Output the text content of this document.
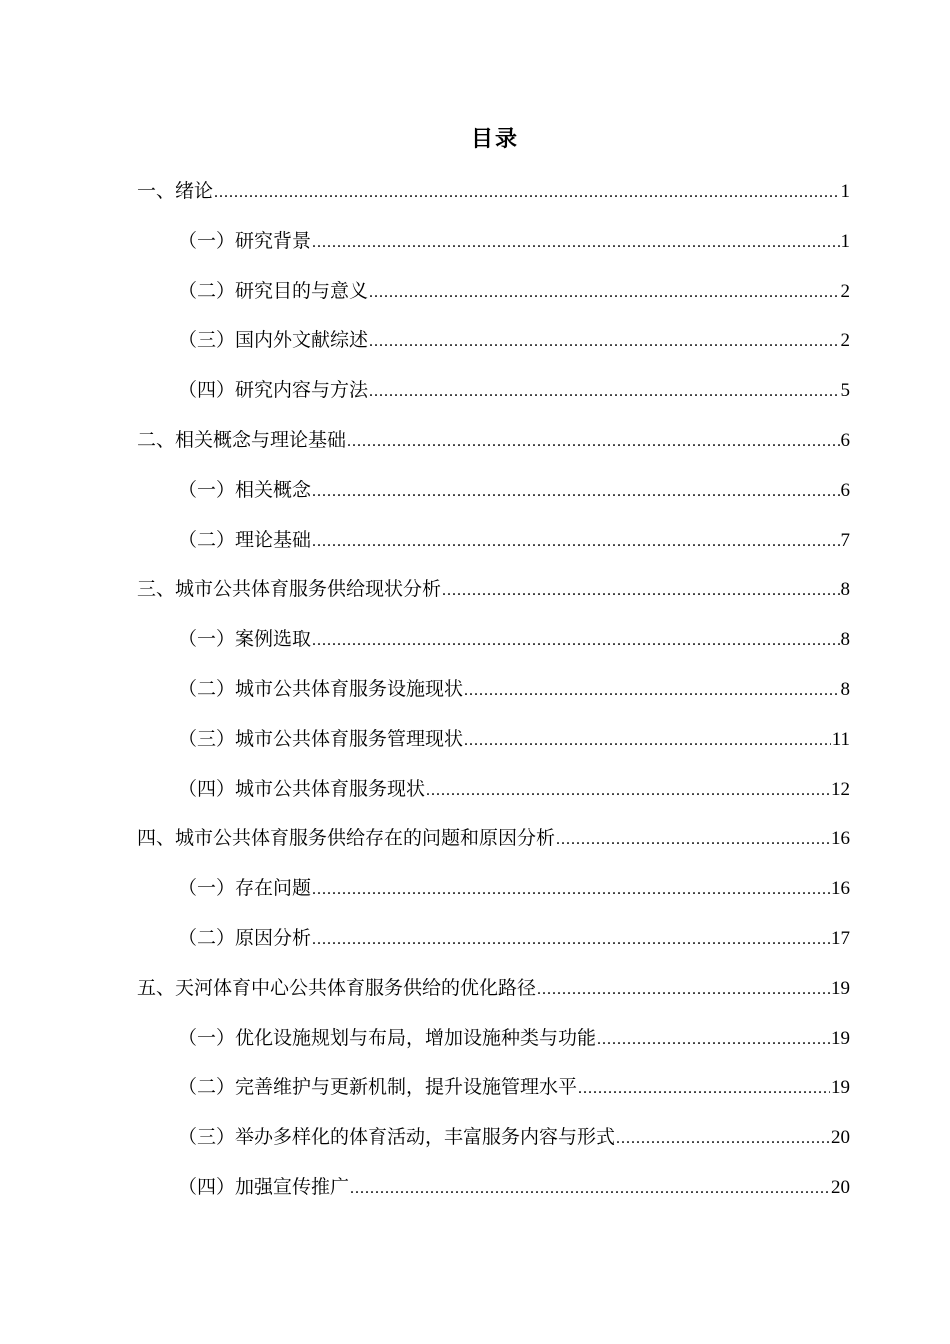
目录
一、绪论 .....	1
（一）研究背景 .....	1
（二）研究目的与意义 .....	2
（三）国内外文献综述 .....	2
（四）研究内容与方法 .....	5
二、相关概念与理论基础 .....	6
（一）相关概念 .....	6
（二）理论基础 .....	7
三、城市公共体育服务供给现状分析 .....	8
（一）案例选取 .....	8
（二）城市公共体育服务设施现状 .....	8
（三）城市公共体育服务管理现状 .....	11
（四）城市公共体育服务现状 .....	12
四、城市公共体育服务供给存在的问题和原因分析 .....	16
（一）存在问题 .....	16
（二）原因分析 .....	17
五、天河体育中心公共体育服务供给的优化路径 .....	19
（一）优化设施规划与布局，增加设施种类与功能 .....	19
（二）完善维护与更新机制，提升设施管理水平 .....	19
（三）举办多样化的体育活动，丰富服务内容与形式 .....	20
（四）加强宣传推广 .....	20
